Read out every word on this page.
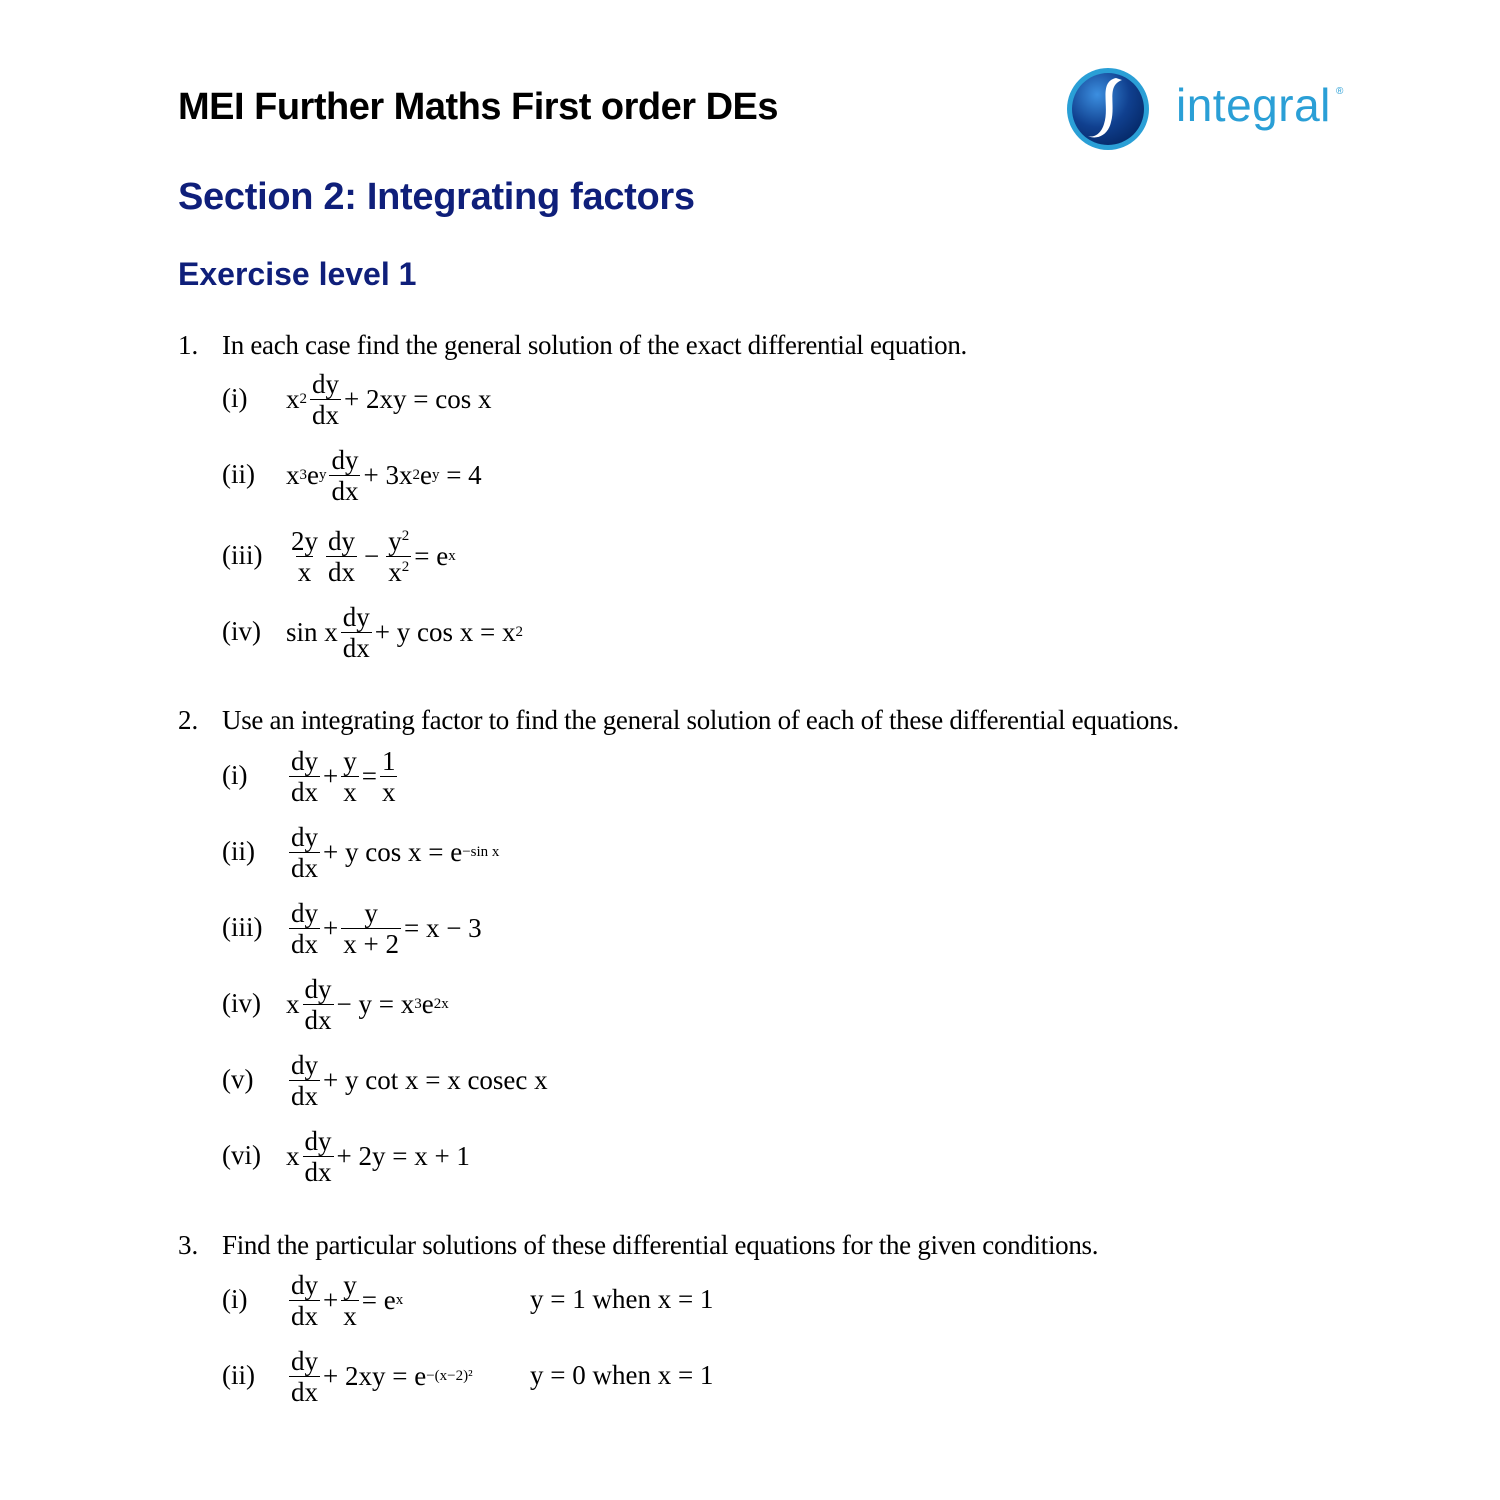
MEI Further Maths First order DEs	integral ®
Section 2: Integrating factors
Exercise level 1
1. In each case find the general solution of the exact differential equation.
(i) x $2 \frac{dy}{dx} + 2xy = \cos x$
(ii) x 3 e y $\frac{dy}{dx} + 3x$ 2 e y
= 4
$(iii) \frac{2y}{x} \frac{dy}{dx} - \frac{y^2}{x^2} = e$ x
(iv) sin x $\frac{dy}{dx} + y$ cos x = x 2
2. Use an integrating factor to find the general solution of each of these differential equations.
$(i) \frac{dy}{dx} + \frac{y}{x} = \frac{1}{x}$
$(ii) \frac{dy}{dx} + y$ cos x = e −sin x
$(iii) \frac{dy}{dx} + \frac{y}{x + 2} = x - 3$
(iv) x $\frac{dy}{dx} - y = x$ 3 e 2x
$(v) \frac{dy}{dx} + y$ cot x = x cosec x
(vi) x $\frac{dy}{dx} + 2y = x + 1$
3. Find the particular solutions of these differential equations for the given conditions.
$(i) \frac{dy}{dx} + \frac{y}{x} = e$ x	y = 1 when x = 1
$(ii) \frac{dy}{dx} + 2xy = e -(x-2)^2$ y = 0 when x = 1
